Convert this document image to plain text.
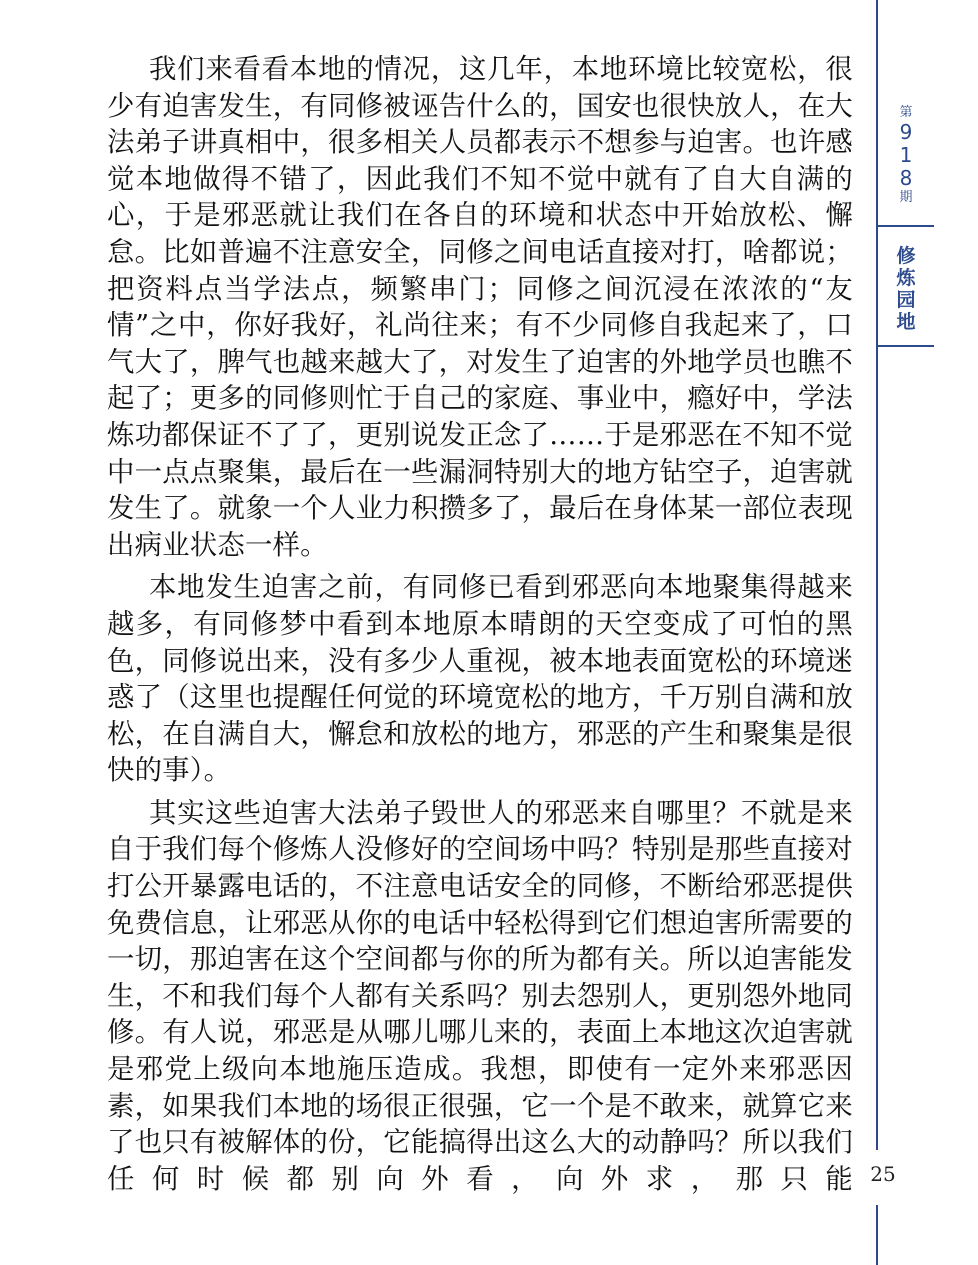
我们来看看本地的情况，这几年，本地环境比较宽松，很少有迫害发生，有同修被诬告什么的，国安也很快放人，在大法弟子讲真相中，很多相关人员都表示不想参与迫害。也许感觉本地做得不错了，因此我们不知不觉中就有了自大自满的心，于是邪恶就让我们在各自的环境和状态中开始放松、懈怠。比如普遍不注意安全，同修之间电话直接对打，啥都说；把资料点当学法点，频繁串门；同修之间沉浸在浓浓的“友情”之中，你好我好，礼尚往来；有不少同修自我起来了，口气大了，脾气也越来越大了，对发生了迫害的外地学员也瞧不起了；更多的同修则忙于自己的家庭、事业中，瘾好中，学法炼功都保证不了了，更别说发正念了……于是邪恶在不知不觉中一点点聚集，最后在一些漏洞特别大的地方钻空子，迫害就发生了。就象一个人业力积攒多了，最后在身体某一部位表现出病业状态一样。

本地发生迫害之前，有同修已看到邪恶向本地聚集得越来越多，有同修梦中看到本地原本晴朗的天空变成了可怕的黑色，同修说出来，没有多少人重视，被本地表面宽松的环境迷惑了（这里也提醒任何觉的环境宽松的地方，千万别自满和放松，在自满自大，懈怠和放松的地方，邪恶的产生和聚集是很快的事）。

其实这些迫害大法弟子毁世人的邪恶来自哪里？不就是来自于我们每个修炼人没修好的空间场中吗？特别是那些直接对打公开暴露电话的，不注意电话安全的同修，不断给邪恶提供免费信息，让邪恶从你的电话中轻松得到它们想迫害所需要的一切，那迫害在这个空间都与你的所为都有关。所以迫害能发生，不和我们每个人都有关系吗？别去怨别人，更别怨外地同修。有人说，邪恶是从哪儿哪儿来的，表面上本地这次迫害就是邪党上级向本地施压造成。我想，即使有一定外来邪恶因素，如果我们本地的场很正很强，它一个是不敢来，就算它来了也只有被解体的份，它能搞得出这么大的动静吗？所以我们任何时候都别向外看，向外求，那只能

第
9
1
8
期
修
炼
园
地
25
